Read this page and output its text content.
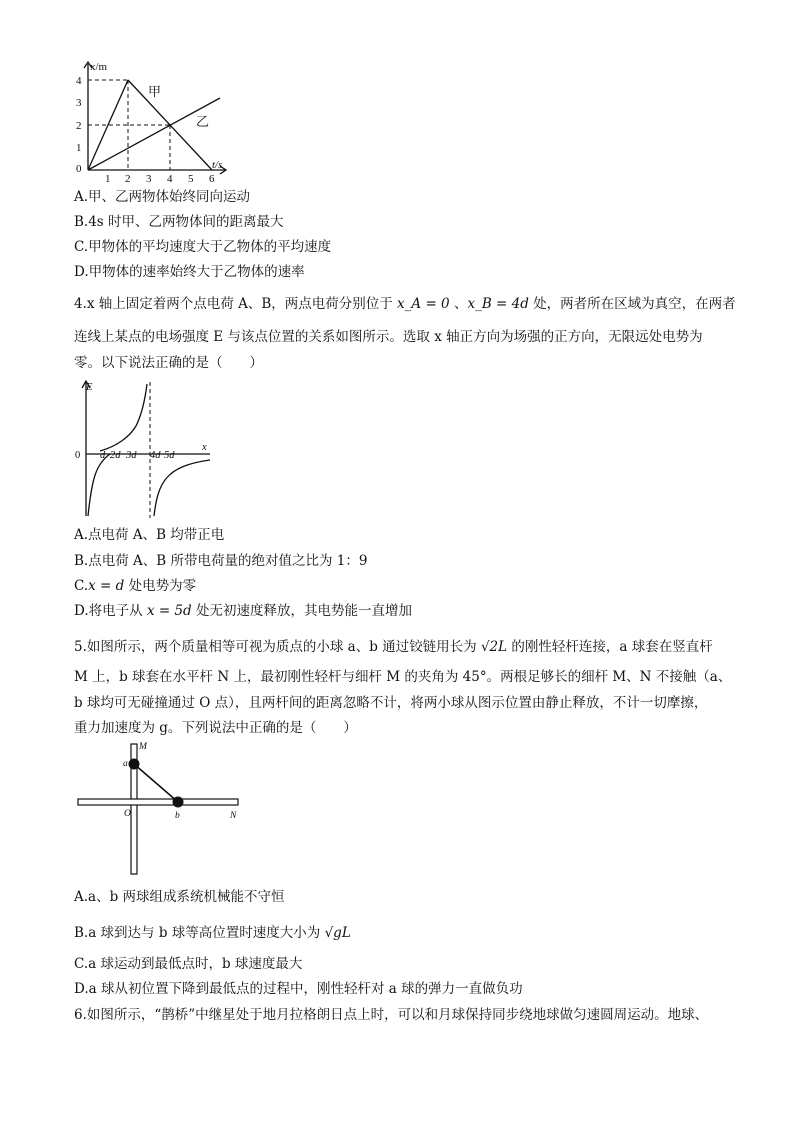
x/m
t/s
4
3
2
1
0
1 2 3 4 5 6
甲
乙
A.甲、乙两物体始终同向运动
B.4s 时甲、乙两物体间的距离最大
C.甲物体的平均速度大于乙物体的平均速度
D.甲物体的速率始终大于乙物体的速率
4.x 轴上固定着两个点电荷 A、B，两点电荷分别位于 x_A = 0 、x_B = 4d 处，两者所在区域为真空，在两者
连线上某点的电场强度 E 与该点位置的关系如图所示。选取 x 轴正方向为场强的正方向，无限远处电势为
零。以下说法正确的是（　　）
E
0
x
d 2d 3d 4d 5d
A.点电荷 A、B 均带正电
B.点电荷 A、B 所带电荷量的绝对值之比为 1：9
C.x = d 处电势为零
D.将电子从 x = 5d 处无初速度释放，其电势能一直增加
5.如图所示，两个质量相等可视为质点的小球 a、b 通过铰链用长为 √2L 的刚性轻杆连接，a 球套在竖直杆
M 上，b 球套在水平杆 N 上，最初刚性轻杆与细杆 M 的夹角为 45°。两根足够长的细杆 M、N 不接触（a、
b 球均可无碰撞通过 O 点），且两杆间的距离忽略不计，将两小球从图示位置由静止释放，不计一切摩擦，
重力加速度为 g。下列说法中正确的是（　　）
M
a
O	b	N
A.a、b 两球组成系统机械能不守恒
B.a 球到达与 b 球等高位置时速度大小为 √gL
C.a 球运动到最低点时，b 球速度最大
D.a 球从初位置下降到最低点的过程中，刚性轻杆对 a 球的弹力一直做负功
6.如图所示，“鹊桥”中继星处于地月拉格朗日点上时，可以和月球保持同步绕地球做匀速圆周运动。地球、
